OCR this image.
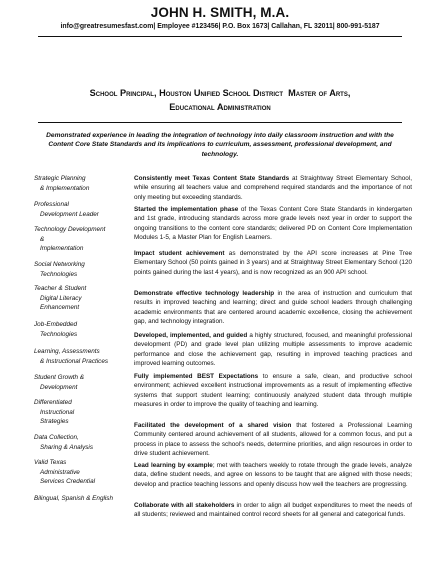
JOHN H. SMITH, M.A.
info@greatresumesfast.com| Employee #123456| P.O. Box 1673| Callahan, FL 32011| 800-991-5187
School Principal, Houston Unified School District Master of Arts,
Educational Administration
Demonstrated experience in leading the integration of technology into daily classroom instruction and with the
Content Core State Standards and its implications to curriculum, assessment, professional development, and
technology.
Strategic Planning
& Implementation
Professional
Development Leader
Technology Development
&
Implementation
Social Networking
Technologies
Teacher & Student
Digital Literacy
Enhancement
Job-Embedded
Technologies
Learning, Assessments
& Instructional Practices
Student Growth &
Development
Differentiated
Instructional
Strategies
Data Collection,
Sharing & Analysis
Valid Texas
Administrative
Services Credential
Bilingual, Spanish & English
Consistently meet Texas Content State Standards at Straightway Street Elementary School, while ensuring all teachers value and comprehend required standards and the importance of not only meeting but exceeding standards.
Started the implementation phase of the Texas Content Core State Standards in kindergarten and 1st grade, introducing standards across more grade levels next year in order to support the ongoing transitions to the content core standards; delivered PD on Content Core Implementation Modules 1-5, a Master Plan for English Learners.
Impact student achievement as demonstrated by the API score increases at Pine Tree Elementary School (50 points gained in 3 years) and at Straightway Street Elementary School (120 points gained during the last 4 years), and is now recognized as an 900 API school.
Demonstrate effective technology leadership in the area of instruction and curriculum that results in improved teaching and learning; direct and guide school leaders through challenging academic environments that are centered around academic excellence, closing the achievement gap, and technology integration.
Developed, implemented, and guided a highly structured, focused, and meaningful professional development (PD) and grade level plan utilizing multiple assessments to improve academic performance and close the achievement gap, resulting in improved teaching practices and improved learning outcomes.
Fully implemented BEST Expectations to ensure a safe, clean, and productive school environment; achieved excellent instructional improvements as a result of implementing effective systems that support student learning; continuously analyzed student data through multiple measures in order to improve the quality of teaching and learning.
Facilitated the development of a shared vision that fostered a Professional Learning Community centered around achievement of all students, allowed for a common focus, and put a process in place to assess the school's needs, determine priorities, and align resources in order to drive student achievement.
Lead learning by example; met with teachers weekly to rotate through the grade levels, analyze data, define student needs, and agree on lessons to be taught that are aligned with those needs; develop and practice teaching lessons and openly discuss how well the teachers are progressing.
Collaborate with all stakeholders in order to align all budget expenditures to meet the needs of all students; reviewed and maintained control record sheets for all general and categorical funds.
